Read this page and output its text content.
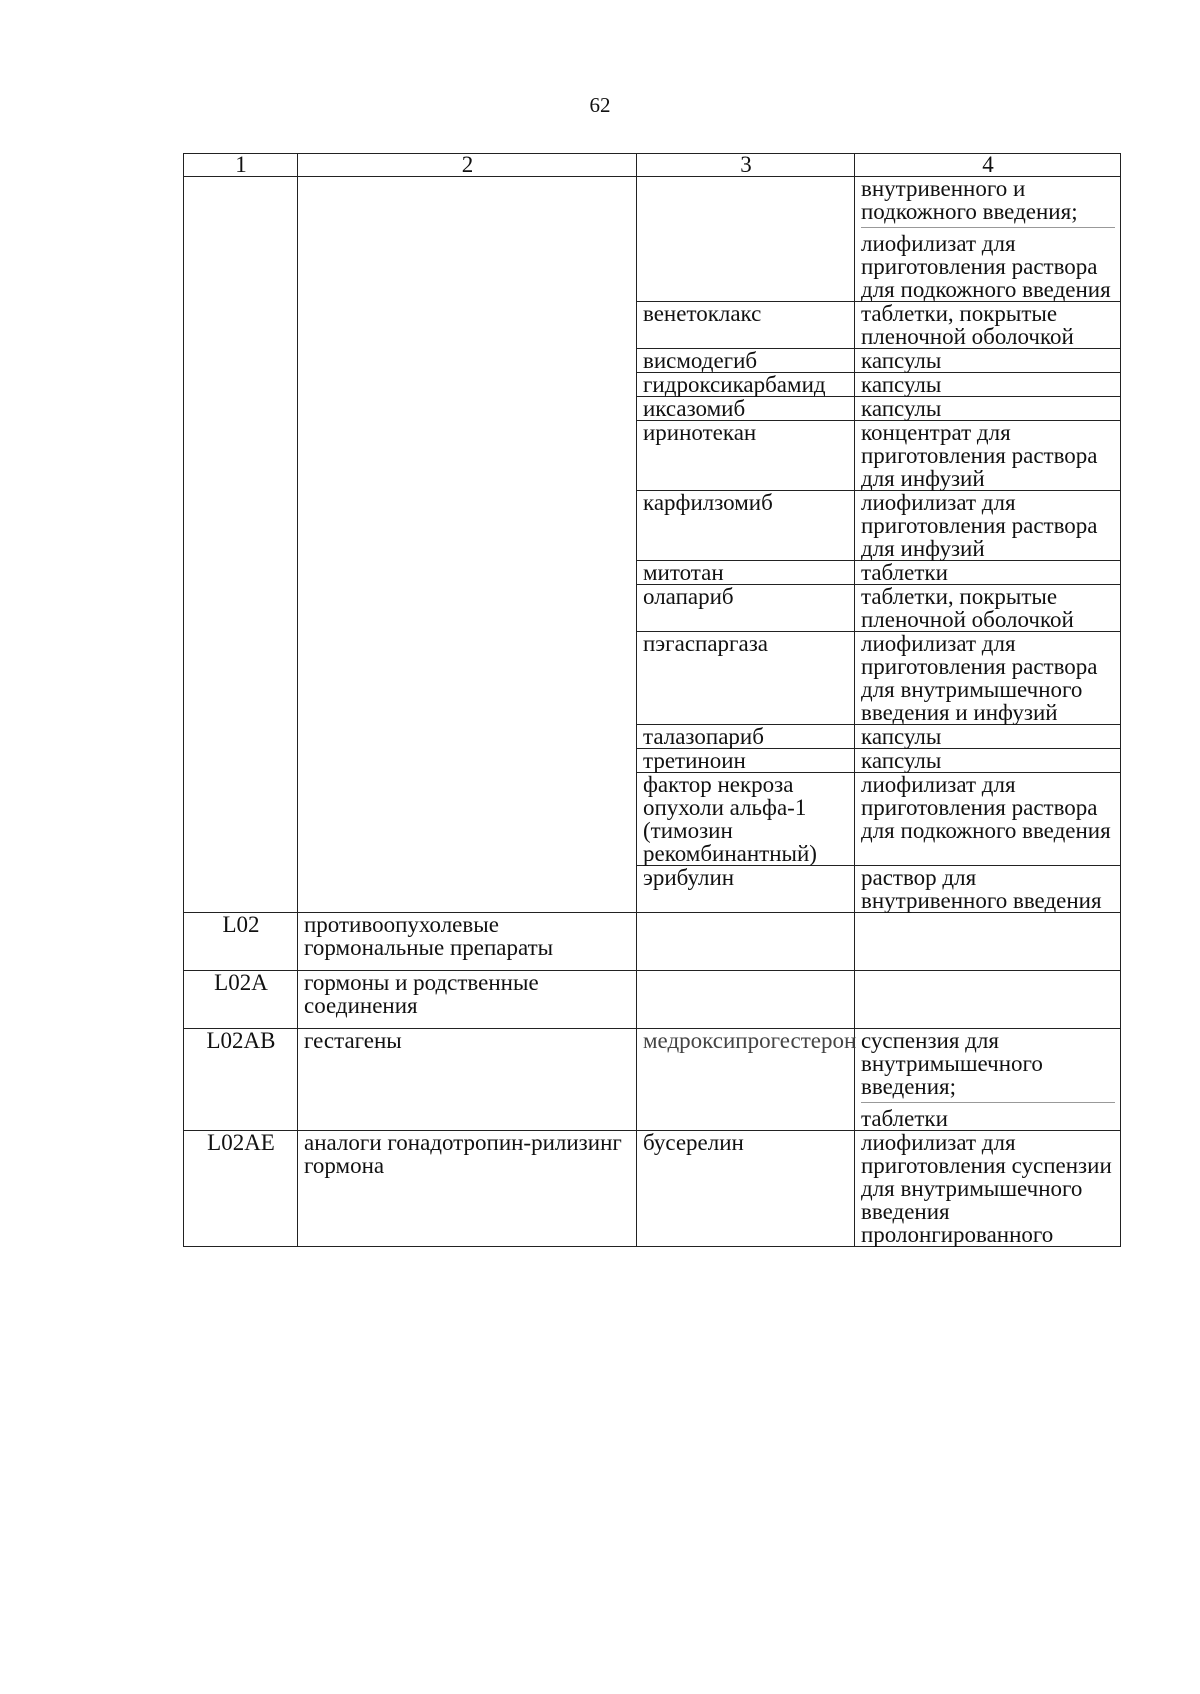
62
1	2	3	4

			внутривенного и подкожного введения;
лиофилизат для приготовления раствора для подкожного введения

		венетоклакс	таблетки, покрытые пленочной оболочкой
		висмодегиб	капсулы
		гидроксикарбамид	капсулы
		иксазомиб	капсулы
		иринотекан	концентрат для приготовления раствора для инфузий
		карфилзомиб	лиофилизат для приготовления раствора для инфузий
		митотан	таблетки
		олапариб	таблетки, покрытые пленочной оболочкой
		пэгаспаргаза	лиофилизат для приготовления раствора для внутримышечного введения и инфузий
		талазопариб	капсулы
		третиноин	капсулы
		фактор некроза опухоли альфа-1 (тимозин рекомбинантный)	лиофилизат для приготовления раствора для подкожного введения
		эрибулин	раствор для внутривенного введения
L02	противоопухолевые гормональные препараты		
L02A	гормоны и родственные соединения		
L02AB	гестагены	медроксипрогестерон	суспензия для внутримышечного введения;
таблетки

L02AE	аналоги гонадотропин-рилизинг гормона	бусерелин	лиофилизат для приготовления суспензии для внутримышечного введения пролонгированного
